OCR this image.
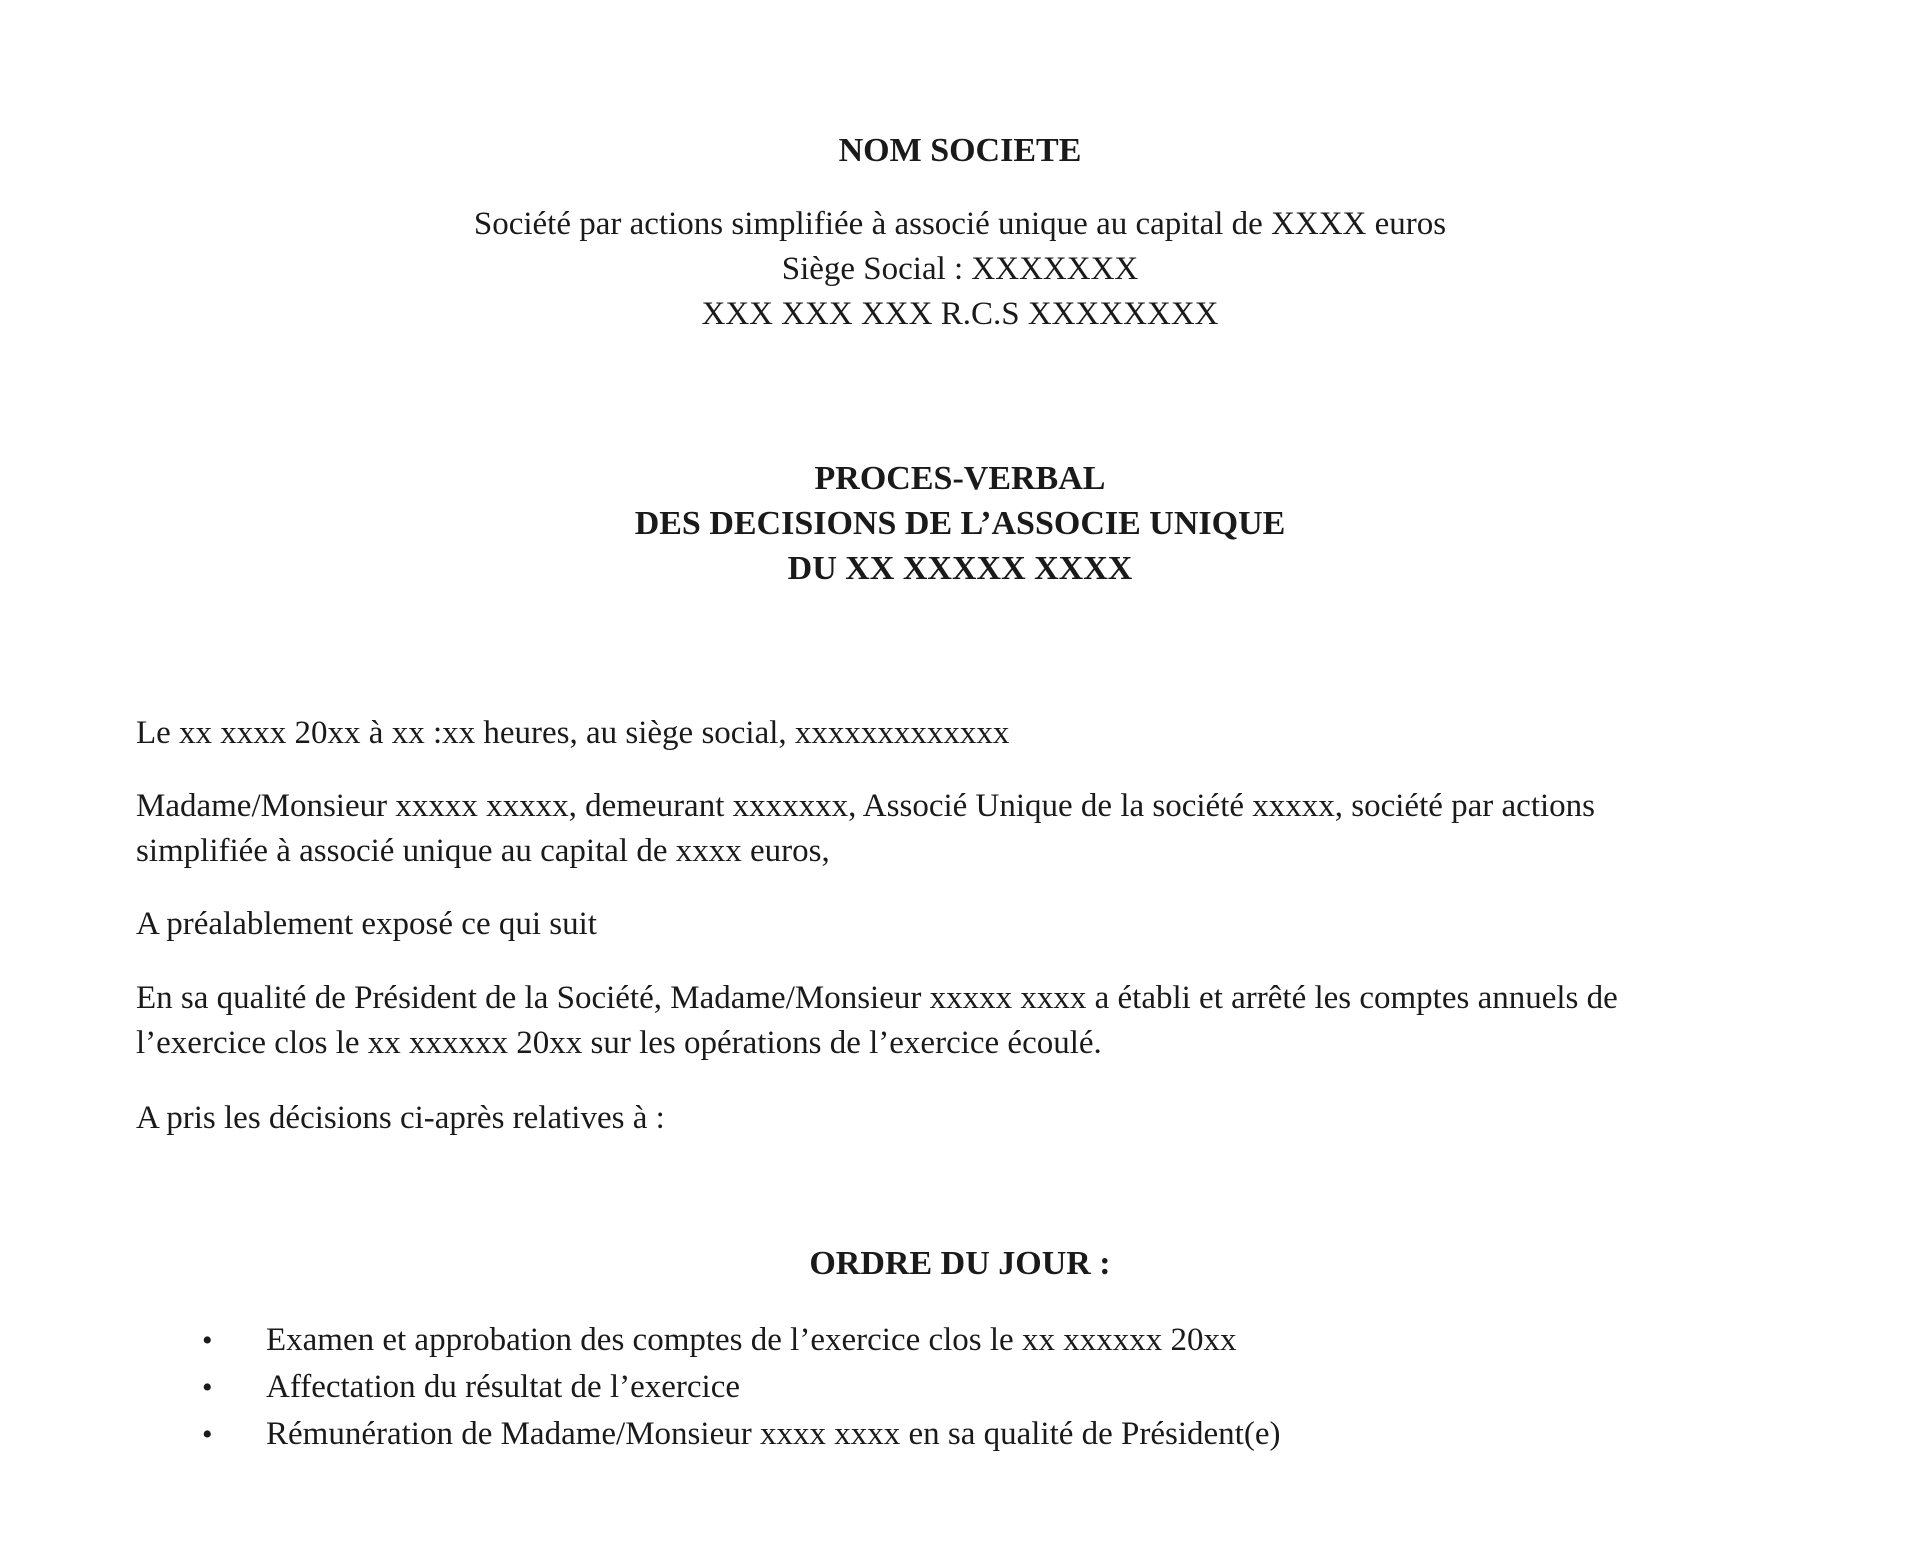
NOM SOCIETE
Société par actions simplifiée à associé unique au capital de XXXX euros
Siège Social : XXXXXXX
XXX XXX XXX R.C.S XXXXXXXX
PROCES-VERBAL
DES DECISIONS DE L’ASSOCIE UNIQUE
DU XX XXXXX XXXX
Le xx xxxx 20xx à xx :xx heures, au siège social, xxxxxxxxxxxxx
Madame/Monsieur xxxxx xxxxx, demeurant xxxxxxx, Associé Unique de la société xxxxx, société par actions
simplifiée à associé unique au capital de xxxx euros,
A préalablement exposé ce qui suit
En sa qualité de Président de la Société, Madame/Monsieur xxxxx xxxx a établi et arrêté les comptes annuels de
l’exercice clos le xx xxxxxx 20xx sur les opérations de l’exercice écoulé.
A pris les décisions ci-après relatives à :
ORDRE DU JOUR :
• Examen et approbation des comptes de l’exercice clos le xx xxxxxx 20xx
• Affectation du résultat de l’exercice
• Rémunération de Madame/Monsieur xxxx xxxx en sa qualité de Président(e)
